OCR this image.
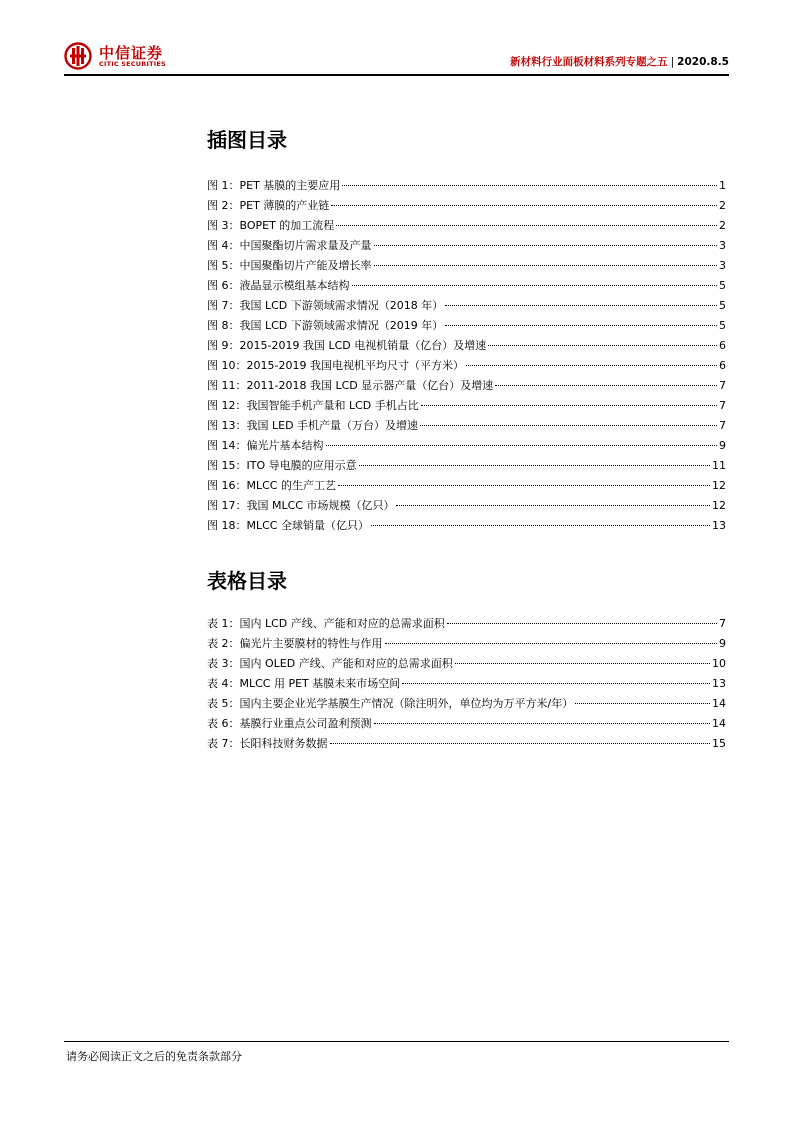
中信证券
CITIC SECURITIES	新材料行业面板材料系列专题之五 | 2020.8.5
插图目录
图 1：PET 基膜的主要应用	1
图 2：PET 薄膜的产业链	2
图 3：BOPET 的加工流程	2
图 4：中国聚酯切片需求量及产量	3
图 5：中国聚酯切片产能及增长率	3
图 6：液晶显示模组基本结构	5
图 7：我国 LCD 下游领域需求情况（2018 年）	5
图 8：我国 LCD 下游领域需求情况（2019 年）	5
图 9：2015-2019 我国 LCD 电视机销量（亿台）及增速	6
图 10：2015-2019 我国电视机平均尺寸（平方米）	6
图 11：2011-2018 我国 LCD 显示器产量（亿台）及增速	7
图 12：我国智能手机产量和 LCD 手机占比	7
图 13：我国 LED 手机产量（万台）及增速	7
图 14：偏光片基本结构	9
图 15：ITO 导电膜的应用示意	11
图 16：MLCC 的生产工艺	12
图 17：我国 MLCC 市场规模（亿只）	12
图 18：MLCC 全球销量（亿只）	13
表格目录
表 1：国内 LCD 产线、产能和对应的总需求面积	7
表 2：偏光片主要膜材的特性与作用	9
表 3：国内 OLED 产线、产能和对应的总需求面积	10
表 4：MLCC 用 PET 基膜未来市场空间	13
表 5：国内主要企业光学基膜生产情况（除注明外，单位均为万平方米/年）	14
表 6：基膜行业重点公司盈利预测	14
表 7：长阳科技财务数据	15
请务必阅读正文之后的免责条款部分
